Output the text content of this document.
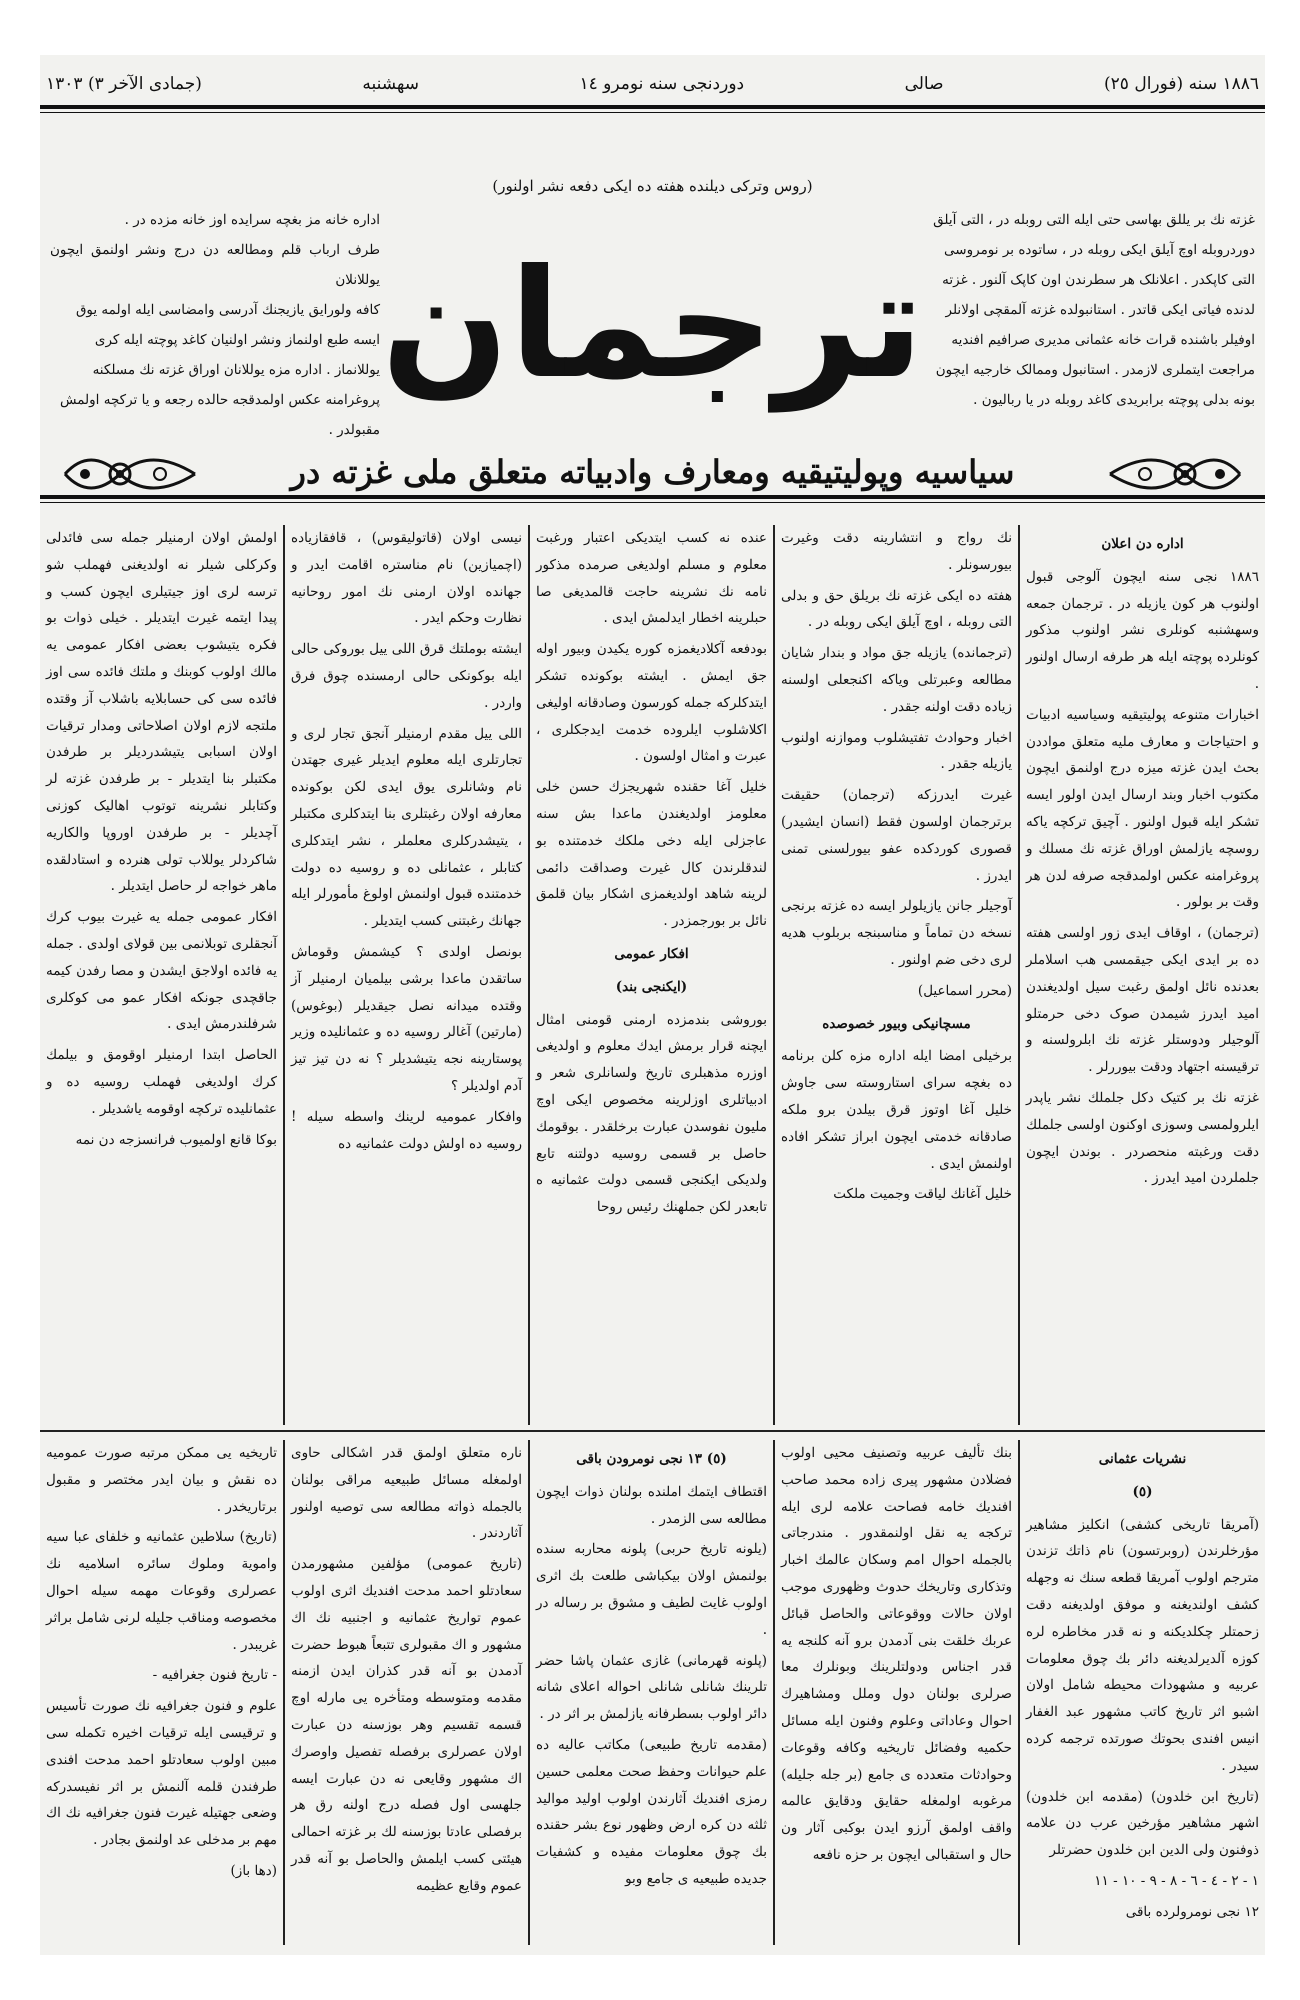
١٨٨٦ سنه (فورال ٢٥)
صالى
دوردنجى سنه نومرو ١٤
سهشنبه
(جمادى الآخر ٣) ١٣٠٣
(روس وترکى ديلنده هفته ده ايکى دفعه نشر اولنور)

غزته نك بر يللق بهاسى حتى ايله التى روبله در ، التى آيلق

دوردروبله اوچ آيلق ايکى روبله در ، ساتوده بر نومروسى

التى کاپکدر . اعلانلک هر سطرندن اون کاپک آلنور . غزته

لدنده فياتى ايکى قاتدر . استانبولده غزته آلمقچى اولانلر

اوفيلر باشنده قرات خانه عثمانى مديرى صرافيم افنديه

مراجعت ايتملرى لازمدر . استانبول وممالک خارجيه ايچون

بونه بدلى پوچته برابريدى کاغد روبله در يا رباليون .

ترجمان

اداره خانه مز بغچه سرايده اوز خانه مزده در .

طرف ارباب قلم ومطالعه دن درج ونشر اولنمق ايچون يوللانلان

کافه ولورايق يازيجنك آدرسى وامضاسى ايله اولمه يوق

ايسه طبع اولنماز ونشر اولنيان کاغد پوچته ايله کرى

يوللانماز . اداره مزه يوللانان اوراق غزته نك مسلکنه

پروغرامنه عکس اولمدقجه حالده رجعه و يا ترکچه اولمش

مقبولدر .

سياسيه وپوليتيقيه ومعارف وادبياته متعلق ملى غزته در
اداره دن اعلان

١٨٨٦ نجى سنه ايچون آلوجى قبول اولنوب هر کون يازيله در . ترجمان جمعه وسهشنبه کونلرى نشر اولنوب مذکور کونلرده پوچته ايله هر طرفه ارسال اولنور .

اخبارات متنوعه پوليتيقيه وسياسيه ادبيات و احتياجات و معارف مليه متعلق مواددن بحث ايدن غزته ميزه درج اولنمق ايچون مکتوب اخبار وبند ارسال ايدن اولور ايسه تشکر ايله قبول اولنور . آچيق ترکچه ياکه روسچه يازلمش اوراق غزته نك مسلك و پروغرامنه عکس اولمدقجه صرفه لدن هر وقت بر بولور .

(ترجمان) ، اوقاف ايدى زور اولسى هفته ده بر ايدى ايکى جيقمسى هب اسلاملر بعدنده نائل اولمق رغبت سيل اولديغندن اميد ايدرز شيمدن صوک دخى حرمتلو آلوجيلر ودوستلر غزته نك ابلرولسنه و ترقيسنه اجتهاد ودقت بيوررلر .

غزته نك بر کتيک دکل جلملك نشر ياپدر ايلرولمسى وسوزى اوکنون اولسى جلملك دقت ورغبته منحصردر . بوندن ايچون جلملردن اميد ايدرز .

نك رواج و انتشارينه دقت وغيرت بيورسونلر .

هفته ده ايکى غزته نك بريلق حق و بدلى التى روبله ، اوچ آيلق ايکى روبله در .

(ترجمانده) يازيله جق مواد و بندار شايان مطالعه وعبرتلى وياکه اکنجعلى اولسنه زياده دقت اولنه جقدر .

اخبار وحوادث تفتيشلوب وموازنه اولنوب يازيله جقدر .

غيرت ايدرزکه (ترجمان) حقيقت برترجمان اولسون فقط (انسان ايشيدر) قصورى کوردکده عفو بيورلسنى تمنى ايدرز .

آوجيلر جانن يازيلولر ايسه ده غزته برنجى نسخه دن تماماً و مناسبنجه بربلوب هديه لرى دخى ضم اولنور .

(محرر اسماعيل)

مسچانيکى وبيور خصوصده

برخيلى امضا ايله اداره مزه کلن برنامه ده بغچه سراى استاروسته سى جاوش خليل آغا اوتوز قرق بيلدن برو ملکه صادقانه خدمتى ايچون ابراز تشکر افاده اولنمش ايدى .

خليل آغانك لياقت وجميت ملکت

عنده نه کسب ايتديکى اعتبار ورغبت معلوم و مسلم اولديغى صرمده مذکور نامه نك نشرينه حاجت قالمديغى صا حبلرينه اخطار ايدلمش ايدى .

بودفعه آکلاديغمزه کوره يکيدن وبيور اوله جق ايمش . ايشته بوکونده تشکر ايتدکلرکه جمله کورسون وصادقانه اوليغى اکلاشلوب ايلروده خدمت ايدجکلرى ، عبرت و امثال اولسون .

خليل آغا حقنده شهريجزك حسن خلى معلومز اولديغندن ماعدا بش سنه عاجزلى ايله دخى ملکك خدمتنده بو لندقلرندن کال غيرت وصداقت دائمى لرينه شاهد اولديغمزى اشکار بيان قلمق نائل بر بورجمزدر .

افکار عمومى
(ايکنجى بند)

بوروشى بندمزده ارمنى قومنى امثال ايچنه قرار برمش ايدك معلوم و اولديغى اوزره مذهبلرى تاريخ ولسانلرى شعر و ادبياتلرى اوزلرينه مخصوص ايکى اوچ مليون نفوسدن عبارت برخلقدر . بوقومك حاصل بر قسمى روسيه دولتنه تابع ولديکى ايکنجى قسمى دولت عثمانيه ه تابعدر لکن جملهنك رئيس روحا

نيسى اولان (قاتوليقوس) ، قافقازياده (اچميازين) نام مناستره اقامت ايدر و جهانده اولان ارمنى نك امور روحانيه نظارت وحکم ايدر .

ايشته بوملتك قرق اللى ييل بوروکى حالى ايله بوکونکى حالى ارمسنده چوق فرق واردر .

اللى ييل مقدم ارمنيلر آنجق تجار لرى و تجارتلرى ايله معلوم ايديلر غيرى جهتدن نام وشانلرى يوق ايدى لکن بوکونده معارفه اولان رغبتلرى بنا ايتدکلرى مکتبلر ، يتيشدرکلرى معلملر ، نشر ايتدکلرى کتابلر ، عثمانلى ده و روسيه ده دولت خدمتنده قبول اولنمش اولوغ مأمورلر ايله جهانك رغبتنى کسب ايتديلر .

بونصل اولدى ؟ کيشمش وقوماش ساتقدن ماعدا برشى بيلميان ارمنيلر آز وقتده ميدانه نصل جيقديلر (بوغوس) (مارتين) آغالر روسيه ده و عثمانليده وزير پوستارينه نجه يتيشديلر ؟ نه دن تيز تيز آدم اولديلر ؟

وافکار عموميه لرينك واسطه سيله ! روسيه ده اولش دولت عثمانيه ده

اولمش اولان ارمنيلر جمله سى فائدلى وکرکلى شيلر نه اولديغنى فهملب شو ترسه لرى اوز جيتيلرى ايچون کسب و پيدا ايتمه غيرت ايتديلر . خيلى ذوات بو فکره يتيشوب بعضى افکار عمومى يه مالك اولوب کوبنك و ملتك فائده سى اوز فائده سى کى حسابلايه باشلاب آز وقتده ملتجه لازم اولان اصلاحاتى ومدار ترقيات اولان اسبابى يتيشدرديلر بر طرفدن مکتبلر بنا ايتديلر - بر طرفدن غزته لر وکتابلر نشرينه توتوب اهاليک کوزنى آچديلر - بر طرفدن اوروپا والکاريه شاکردلر يوللاب تولى هنرده و استادلقده ماهر خواجه لر حاصل ايتديلر .

افکار عمومى جمله يه غيرت بيوب کرك آنجقلرى توبلانمى بين قولاى اولدى . جمله يه فائده اولاجق ايشدن و مصا رفدن کيمه جاقچدى جونکه افکار عمو مى کوکلرى شرفلندرمش ايدى .

الحاصل ابتدا ارمنيلر اوقومق و بيلمك کرك اولديغى فهملب روسيه ده و عثمانليده ترکچه اوقومه ياشديلر .

بوکا قانع اولميوب فرانسزجه دن نمه

نشريات عثمانى
(٥)

(آمريقا تاريخى کشفى) انکليز مشاهير مؤرخلرندن (روبرتسون) نام ذاتك تزندن مترجم اولوب آمريقا قطعه سنك نه وجهله کشف اولنديغنه و موفق اولديغنه دقت زحمتلر چکلديکنه و نه قدر مخاطره لره کوزه آلديرلديغنه دائر بك چوق معلومات عربيه و مشهودات محيطه شامل اولان اشبو اثر تاريخ کاتب مشهور عبد الغفار انيس افندى بحوتك صورتده ترجمه کرده سيدر .

(تاريخ ابن خلدون) (مقدمه ابن خلدون) اشهر مشاهير مؤرخين عرب دن علامه ذوفنون ولى الدين ابن خلدون حضرتلر

١ - ٢ - ٤ - ٦ - ٨ - ٩ - ١٠ - ١١

١٢ نجى نومرولرده باقى

بنك تأليف عربيه وتصنيف محيى اولوب فضلادن مشهور پيرى زاده محمد صاحب افنديك خامه فصاحت علامه لرى ايله ترکجه يه نقل اولنمقدور . مندرجاتى بالجمله احوال امم وسکان عالمك اخبار وتذکارى وتاريخك حدوث وظهورى موجب اولان حالات ووقوعاتى والحاصل قبائل عربك خلقت بنى آدمدن برو آنه کلنجه يه قدر اجناس ودولتلرينك وبونلرك معا صرلرى بولنان دول وملل ومشاهيرك احوال وعاداتى وعلوم وفنون ايله مسائل حکميه وفضائل تاريخيه وکافه وقوعات وحوادثات متعدده ى جامع (بر جله جليله) مرغوبه اولمغله حقايق ودقايق عالمه واقف اولمق آرزو ايدن بوکبى آثار ون حال و استقبالى ايچون بر حزه نافعه

(٥) ١٣ نجى نومرودن باقى

اقتطاف ايتمك املنده بولنان ذوات ايچون مطالعه سى الزمدر .

(يلونه تاريخ حربى) پلونه محاربه سنده بولنمش اولان بيکباشى طلعت بك اثرى اولوب غايت لطيف و مشوق بر رساله در .

(پلونه قهرمانى) غازى عثمان پاشا حضر تلرينك شانلى شانلى احواله اعلاى شانه دائر اولوب بسطرفانه يازلمش بر اثر در .

(مقدمه تاريخ طبيعى) مکاتب عاليه ده علم حيوانات وحفظ صحت معلمى حسين رمزى افنديك آثارندن اولوب اوليد مواليد ثلثه دن کره ارض وظهور نوع بشر حقنده بك چوق معلومات مفيده و کشفيات جديده طبيعيه ى جامع وبو

ناره متعلق اولمق قدر اشکالى حاوى اولمغله مسائل طبيعيه مراقى بولنان بالجمله ذواته مطالعه سى توصيه اولنور آثاردندر .

(تاريخ عمومى) مؤلفين مشهورمدن سعادتلو احمد مدحت افنديك اثرى اولوب عموم تواريخ عثمانيه و اجنبيه نك اك مشهور و اك مقبولرى تتبعاً هبوط حضرت آدمدن بو آنه قدر کذران ايدن ازمنه مقدمه ومتوسطه ومتأخره يى مارله اوچ قسمه تقسيم وهر بوزسنه دن عبارت اولان عصرلرى برفصله تفصيل واوصرك اك مشهور وقايعى نه دن عبارت ايسه جلهسى اول فصله درج اولنه رق هر برفصلى عادتا بوزسنه لك بر غزته احمالى هيئتى کسب ايلمش والحاصل بو آنه قدر عموم وقايع عظيمه

تاريخيه يى ممکن مرتبه صورت عموميه ده نقش و بيان ايدر مختصر و مقبول برتاريخدر .

(تاريخ) سلاطين عثمانيه و خلفاى عبا سيه واموية وملوك سائره اسلاميه نك عصرلرى وقوعات مهمه سيله احوال مخصوصه ومناقب جليله لرنى شامل براثر غريبدر .

- تاريخ فنون جغرافيه -

علوم و فنون جغرافيه نك صورت تأسيس و ترقيسى ايله ترقيات اخيره تکمله سى مبين اولوب سعادتلو احمد مدحت افندى طرفندن قلمه آلنمش بر اثر نفيسدرکه وضعى جهتيله غيرت فنون جغرافيه نك اك مهم بر مدخلى عد اولنمق بجادر .

(دها باز)
